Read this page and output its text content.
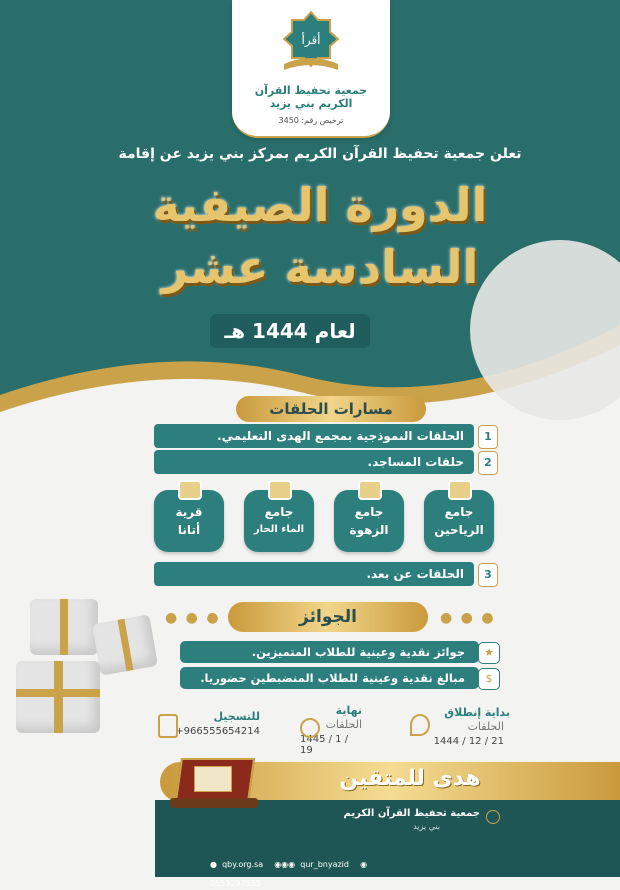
أقرأ
جمعية تحفيظ القرآن
الكريم بني يزيد
ترخيص رقم: 3450
تعلن جمعية تحفيظ القرآن الكريم بمركز بني يزيد عن إقامة
الدورة الصيفية
السادسة عشر
لعام 1444 هـ
مسارات الحلقات
1
الحلقات النموذجية بمجمع الهدى التعليمي.
2
حلقات المساجد.
جامع
الرياحين
جامع
الزهوة
جامع
الماء الحار
قرية
أتانا
3
الحلقات عن بعد.
● ● ●
● ● ●	الجوائز
★
جوائز نقدية وعينية للطلاب المتميزين.
$
مبالغ نقدية وعينية للطلاب المنضبطين حضوريا.
بداية إنطلاق
الحلقات
1444 / 12 / 21
نهاية
الحلقات
1445 / 1 / 19
للتسجيل
+966555654214
هدى للمتقين
جمعية تحفيظ القرآن الكريم
بني يزيد
● qby.org.sa ◉◉◉ qur_bnyazid ◉ 0553297555
